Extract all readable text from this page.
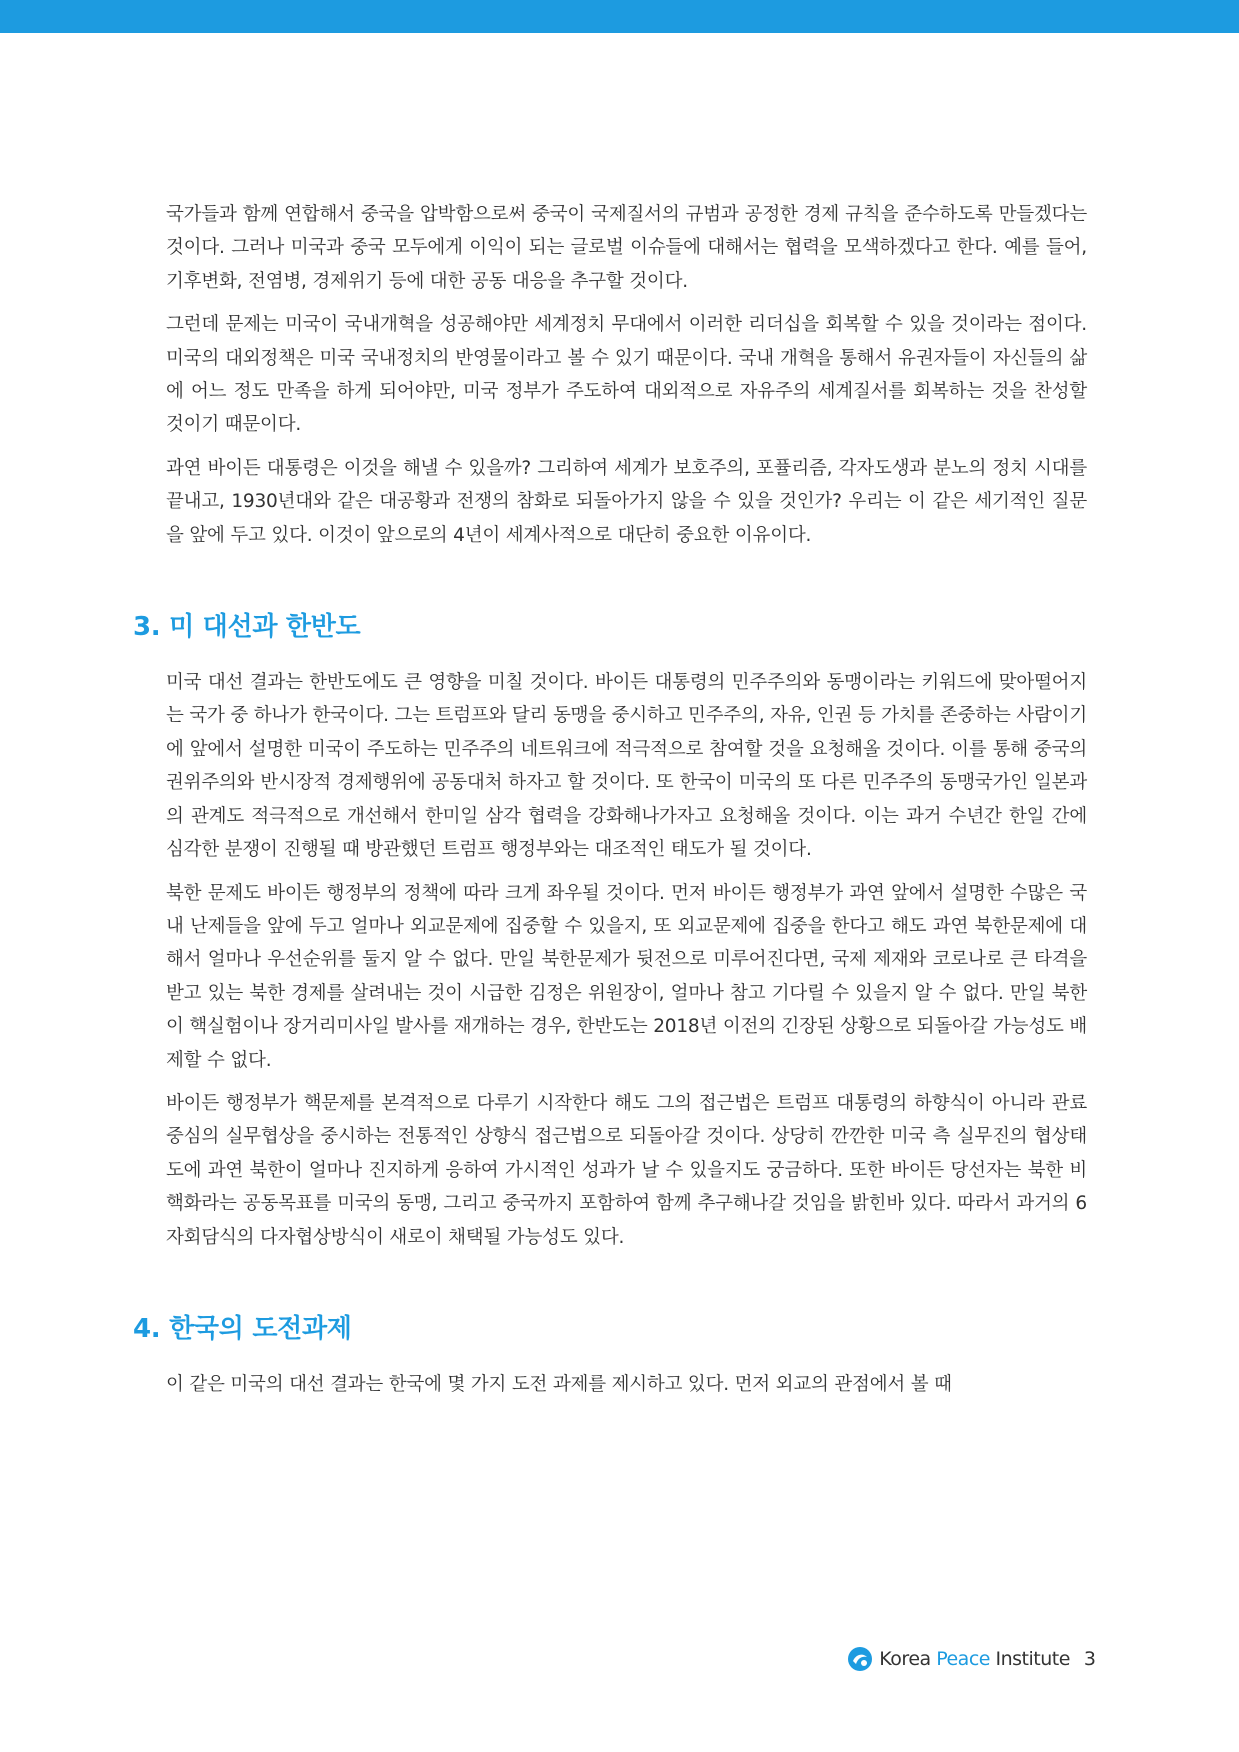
국가들과 함께 연합해서 중국을 압박함으로써 중국이 국제질서의 규범과 공정한 경제 규칙을 준수하도록 만들겠다는 것이다. 그러나 미국과 중국 모두에게 이익이 되는 글로벌 이슈들에 대해서는 협력을 모색하겠다고 한다. 예를 들어, 기후변화, 전염병, 경제위기 등에 대한 공동 대응을 추구할 것이다.

그런데 문제는 미국이 국내개혁을 성공해야만 세계정치 무대에서 이러한 리더십을 회복할 수 있을 것이라는 점이다. 미국의 대외정책은 미국 국내정치의 반영물이라고 볼 수 있기 때문이다. 국내 개혁을 통해서 유권자들이 자신들의 삶에 어느 정도 만족을 하게 되어야만, 미국 정부가 주도하여 대외적으로 자유주의 세계질서를 회복하는 것을 찬성할 것이기 때문이다.

과연 바이든 대통령은 이것을 해낼 수 있을까? 그리하여 세계가 보호주의, 포퓰리즘, 각자도생과 분노의 정치 시대를 끝내고, 1930년대와 같은 대공황과 전쟁의 참화로 되돌아가지 않을 수 있을 것인가? 우리는 이 같은 세기적인 질문을 앞에 두고 있다. 이것이 앞으로의 4년이 세계사적으로 대단히 중요한 이유이다.

3. 미 대선과 한반도

미국 대선 결과는 한반도에도 큰 영향을 미칠 것이다. 바이든 대통령의 민주주의와 동맹이라는 키워드에 맞아떨어지는 국가 중 하나가 한국이다. 그는 트럼프와 달리 동맹을 중시하고 민주주의, 자유, 인권 등 가치를 존중하는 사람이기에 앞에서 설명한 미국이 주도하는 민주주의 네트워크에 적극적으로 참여할 것을 요청해올 것이다. 이를 통해 중국의 권위주의와 반시장적 경제행위에 공동대처 하자고 할 것이다. 또 한국이 미국의 또 다른 민주주의 동맹국가인 일본과의 관계도 적극적으로 개선해서 한미일 삼각 협력을 강화해나가자고 요청해올 것이다. 이는 과거 수년간 한일 간에 심각한 분쟁이 진행될 때 방관했던 트럼프 행정부와는 대조적인 태도가 될 것이다.

북한 문제도 바이든 행정부의 정책에 따라 크게 좌우될 것이다. 먼저 바이든 행정부가 과연 앞에서 설명한 수많은 국내 난제들을 앞에 두고 얼마나 외교문제에 집중할 수 있을지, 또 외교문제에 집중을 한다고 해도 과연 북한문제에 대해서 얼마나 우선순위를 둘지 알 수 없다. 만일 북한문제가 뒷전으로 미루어진다면, 국제 제재와 코로나로 큰 타격을 받고 있는 북한 경제를 살려내는 것이 시급한 김정은 위원장이, 얼마나 참고 기다릴 수 있을지 알 수 없다. 만일 북한이 핵실험이나 장거리미사일 발사를 재개하는 경우, 한반도는 2018년 이전의 긴장된 상황으로 되돌아갈 가능성도 배제할 수 없다.

바이든 행정부가 핵문제를 본격적으로 다루기 시작한다 해도 그의 접근법은 트럼프 대통령의 하향식이 아니라 관료 중심의 실무협상을 중시하는 전통적인 상향식 접근법으로 되돌아갈 것이다. 상당히 깐깐한 미국 측 실무진의 협상태도에 과연 북한이 얼마나 진지하게 응하여 가시적인 성과가 날 수 있을지도 궁금하다. 또한 바이든 당선자는 북한 비핵화라는 공동목표를 미국의 동맹, 그리고 중국까지 포함하여 함께 추구해나갈 것임을 밝힌바 있다. 따라서 과거의 6자회담식의 다자협상방식이 새로이 채택될 가능성도 있다.

4. 한국의 도전과제

이 같은 미국의 대선 결과는 한국에 몇 가지 도전 과제를 제시하고 있다. 먼저 외교의 관점에서 볼 때

Korea Peace Institute 3
